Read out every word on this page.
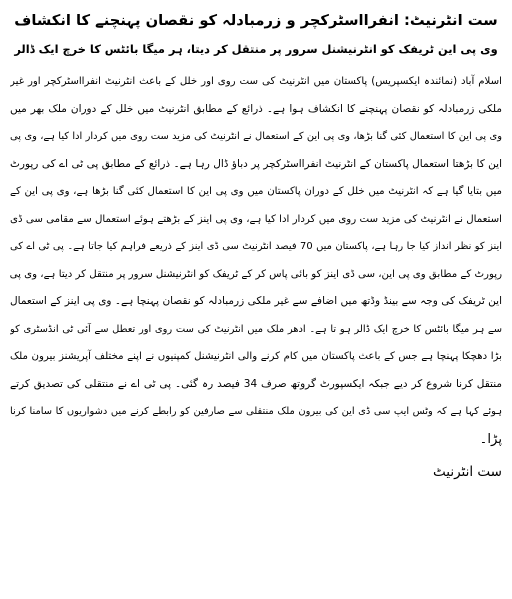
ست انٹرنیٹ: انفرااسٹرکچر و زرمبادلہ کو نقصان پہنچنے کا انکشاف
وی پی این ٹریفک کو انٹرنیشنل سرور پر منتقل کر دیتا، ہر میگا بائٹس کا خرچ ایک ڈالر
اسلام آباد (نمائندہ ایکسپریس) پاکستان میں انٹرنیٹ کی ست روی اور خلل کے باعث انٹرنیٹ انفرااسٹرکچر اور غیر
ملکی زرمبادلہ کو نقصان پہنچنے کا انکشاف ہوا ہے۔ ذرائع کے مطابق انٹرنیٹ میں خلل کے دوران ملک بھر میں
وی پی این کا استعمال کئی گنا بڑھا، وی پی این کے استعمال نے انٹرنیٹ کی مزید ست روی میں کردار ادا کیا ہے، وی پی
این کا بڑھتا استعمال پاکستان کے انٹرنیٹ انفرااسٹرکچر پر دباؤ ڈال رہا ہے۔ ذرائع کے مطابق پی ٹی اے کی رپورٹ
میں بتایا گیا ہے کہ انٹرنیٹ میں خلل کے دوران پاکستان میں وی پی این کا استعمال کئی گنا بڑھا ہے، وی پی این کے
استعمال نے انٹرنیٹ کی مزید ست روی میں کردار ادا کیا ہے، وی پی اینز کے بڑھتے ہوئے استعمال سے مقامی سی ڈی
اینز کو نظر انداز کیا جا رہا ہے، پاکستان میں 70 فیصد انٹرنیٹ سی ڈی اینز کے ذریعے فراہم کیا جاتا ہے۔ پی ٹی اے کی
رپورٹ کے مطابق وی پی این، سی ڈی اینز کو بائی پاس کر کے ٹریفک کو انٹرنیشنل سرور پر منتقل کر دیتا ہے، وی پی
این ٹریفک کی وجہ سے بینڈ وڈتھ میں اضافے سے غیر ملکی زرمبادلہ کو نقصان پہنچا ہے۔ وی پی اینز کے استعمال
سے ہر میگا بائٹس کا خرچ ایک ڈالر ہو تا ہے۔ ادھر ملک میں انٹرنیٹ کی ست روی اور تعطل سے آئی ٹی انڈسٹری کو
بڑا دھچکا پہنچا ہے جس کے باعث پاکستان میں کام کرنے والی انٹرنیشنل کمپنیوں نے اپنے مختلف آپریشنز بیرون ملک
منتقل کرنا شروع کر دیے جبکہ ایکسپورٹ گروتھ صرف 34 فیصد رہ گئی۔ پی ٹی اے نے منتقلی کی تصدیق کرتے
ہوئے کہا ہے کہ وٹس ایپ سی ڈی این کی بیرون ملک منتقلی سے صارفین کو رابطے کرنے میں دشواریوں کا سامنا کرنا
پڑا۔

ست انٹرنیٹ
